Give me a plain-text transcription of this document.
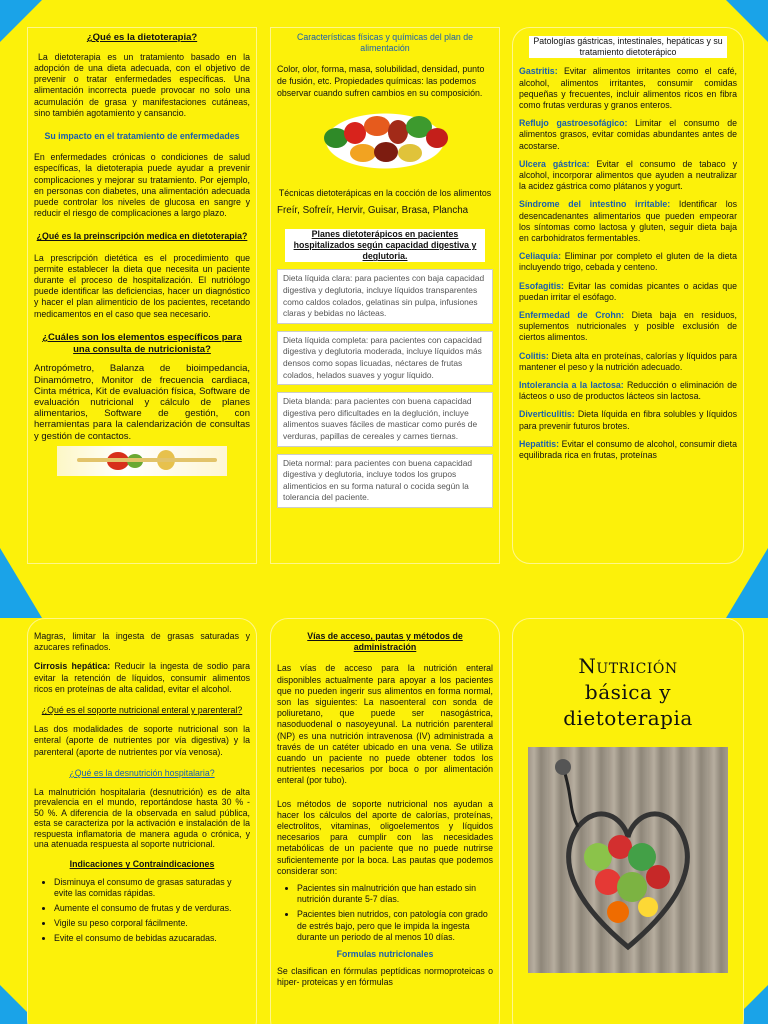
¿Qué es la dietoterapia?
La dietoterapia es un tratamiento basado en la adopción de una dieta adecuada, con el objetivo de prevenir o tratar enfermedades específicas. Una alimentación incorrecta puede provocar no solo una acumulación de grasa y manifestaciones cutáneas, sino también agotamiento y cansancio.
Su impacto en el tratamiento de enfermedades
En enfermedades crónicas o condiciones de salud específicas, la dietoterapia puede ayudar a prevenir complicaciones y mejorar su tratamiento. Por ejemplo, en personas con diabetes, una alimentación adecuada puede controlar los niveles de glucosa en sangre y reducir el riesgo de complicaciones a largo plazo.
¿Qué es la preinscripción medica en dietoterapia?
La prescripción dietética es el procedimiento que permite establecer la dieta que necesita un paciente durante el proceso de hospitalización. El nutriólogo puede identificar las deficiencias, hacer un diagnóstico y hacer el plan alimenticio de los pacientes, recetando medicamentos en el caso que sea necesario.
¿Cuáles son los elementos específicos para una consulta de nutricionista?
Antropómetro, Balanza de bioimpedancia, Dinamómetro, Monitor de frecuencia cardiaca, Cinta métrica, Kit de evaluación física, Software de evaluación nutricional y cálculo de planes alimentarios, Software de gestión, con herramientas para la calendarización de consultas y gestión de contactos.
Características físicas y químicas del plan de alimentación
Color, olor, forma, masa, solubilidad, densidad, punto de fusión, etc. Propiedades químicas: las podemos observar cuando sufren cambios en su composición.
Técnicas dietoterápicas en la cocción de los alimentos
Freír, Sofreír, Hervir, Guisar, Brasa, Plancha
Planes dietoterápicos en pacientes hospitalizados según capacidad digestiva y deglutoria.
Dieta líquida clara: para pacientes con baja capacidad digestiva y deglutoria, incluye líquidos transparentes como caldos colados, gelatinas sin pulpa, infusiones claras y bebidas no lácteas.
Dieta líquida completa: para pacientes con capacidad digestiva y deglutoria moderada, incluye líquidos más densos como sopas licuadas, néctares de frutas colados, helados suaves y yogur líquido.
Dieta blanda: para pacientes con buena capacidad digestiva pero dificultades en la deglución, incluye alimentos suaves fáciles de masticar como purés de verduras, papillas de cereales y carnes tiernas.
Dieta normal: para pacientes con buena capacidad digestiva y deglutoria, incluye todos los grupos alimenticios en su forma natural o cocida según la tolerancia del paciente.
Patologías gástricas, intestinales, hepáticas y su tratamiento dietoterápico
Gastritis: Evitar alimentos irritantes como el café, alcohol, alimentos irritantes, consumir comidas pequeñas y frecuentes, incluir alimentos ricos en fibra como frutas verduras y granos enteros.
Reflujo gastroesofágico: Limitar el consumo de alimentos grasos, evitar comidas abundantes antes de acostarse.
Ulcera gástrica: Evitar el consumo de tabaco y alcohol, incorporar alimentos que ayuden a neutralizar la acidez gástrica como plátanos y yogurt.
Síndrome del intestino irritable: Identificar los desencadenantes alimentarios que pueden empeorar los síntomas como lactosa y gluten, seguir dieta baja en carbohidratos fermentables.
Celiaquía: Eliminar por completo el gluten de la dieta incluyendo trigo, cebada y centeno.
Esofagitis: Evitar las comidas picantes o acidas que puedan irritar el esófago.
Enfermedad de Crohn: Dieta baja en residuos, suplementos nutricionales y posible exclusión de ciertos alimentos.
Colitis: Dieta alta en proteínas, calorías y líquidos para mantener el peso y la nutrición adecuado.
Intolerancia a la lactosa: Reducción o eliminación de lácteos o uso de productos lácteos sin lactosa.
Diverticulitis: Dieta líquida en fibra solubles y líquidos para prevenir futuros brotes.
Hepatitis: Evitar el consumo de alcohol, consumir dieta equilibrada rica en frutas, proteínas
Magras, limitar la ingesta de grasas saturadas y azucares refinados.
Cirrosis hepática: Reducir la ingesta de sodio para evitar la retención de líquidos, consumir alimentos ricos en proteínas de alta calidad, evitar el alcohol.
¿Qué es el soporte nutricional enteral y parenteral?
Las dos modalidades de soporte nutricional son la enteral (aporte de nutrientes por vía digestiva) y la parenteral (aporte de nutrientes por vía venosa).
¿Qué es la desnutrición hospitalaria?
La malnutrición hospitalaria (desnutrición) es de alta prevalencia en el mundo, reportándose hasta 30 % - 50 %. A diferencia de la observada en salud pública, esta se caracteriza por la activación e instalación de la respuesta inflamatoria de manera aguda o crónica, y una atenuada respuesta al soporte nutricional.
Indicaciones y Contraindicaciones
• Disminuya el consumo de grasas saturadas y evite las comidas rápidas.
• Aumente el consumo de frutas y de verduras.
• Vigile su peso corporal fácilmente.
• Evite el consumo de bebidas azucaradas.
Vías de acceso, pautas y métodos de administración
Las vías de acceso para la nutrición enteral disponibles actualmente para apoyar a los pacientes que no pueden ingerir sus alimentos en forma normal, son las siguientes: La nasoenteral con sonda de poliuretano, que puede ser nasogástrica, nasoduodenal o nasoyeyunal. La nutrición parenteral (NP) es una nutrición intravenosa (IV) administrada a través de un catéter ubicado en una vena. Se utiliza cuando un paciente no puede obtener todos los nutrientes necesarios por boca o por alimentación enteral (por tubo).
Los métodos de soporte nutricional nos ayudan a hacer los cálculos del aporte de calorías, proteínas, electrolitos, vitaminas, oligoelementos y líquidos necesarios para cumplir con las necesidades metabólicas de un paciente que no puede nutrirse suficientemente por la boca. Las pautas que podemos considerar son:
• Pacientes sin malnutrición que han estado sin nutrición durante 5-7 días.
• Pacientes bien nutridos, con patología con grado de estrés bajo, pero que le impida la ingesta durante un periodo de al menos 10 días.
Formulas nutricionales
Se clasifican en fórmulas peptídicas normoproteicas o hiper- proteicas y en fórmulas
Nutrición
básica y
dietoterapia
